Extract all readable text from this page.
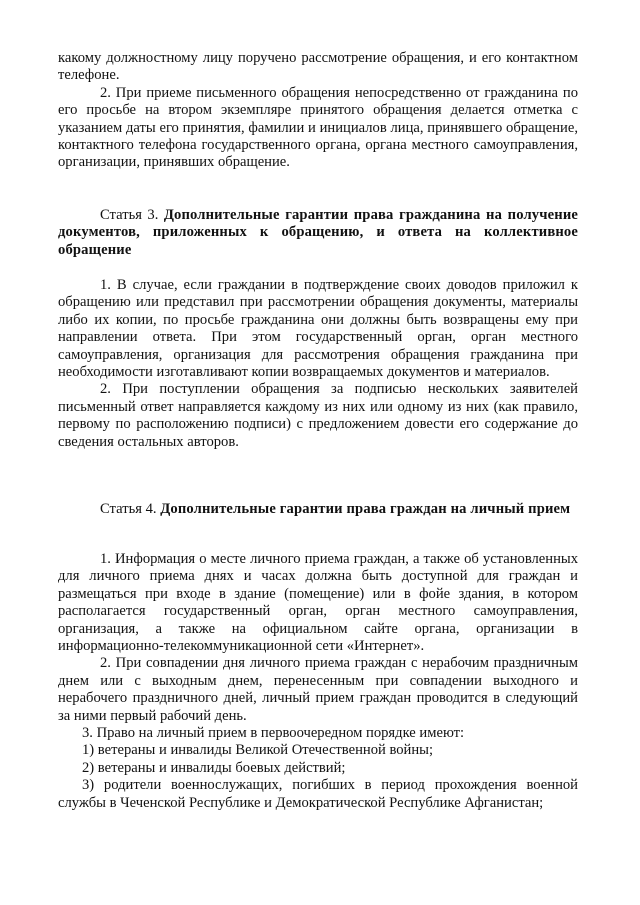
какому должностному лицу поручено рассмотрение обращения, и его контактном телефоне.

2. При приеме письменного обращения непосредственно от гражданина по его просьбе на втором экземпляре принятого обращения делается отметка с указанием даты его принятия, фамилии и инициалов лица, принявшего обращение, контактного телефона государственного органа, органа местного самоуправления, организации, принявших обращение.

Статья 3. Дополнительные гарантии права гражданина на получение документов, приложенных к обращению, и ответа на коллективное обращение

1. В случае, если граждании в подтверждение своих доводов приложил к обращению или представил при рассмотрении обращения документы, материалы либо их копии, по просьбе гражданина они должны быть возвращены ему при направлении ответа. При этом государственный орган, орган местного самоуправления, организация для рассмотрения обращения гражданина при необходимости изготавливают копии возвращаемых документов и материалов.

2. При поступлении обращения за подписью нескольких заявителей письменный ответ направляется каждому из них или одному из них (как правило, первому по расположению подписи) с предложением довести его содержание до сведения остальных авторов.

Статья 4. Дополнительные гарантии права граждан на личный прием

1. Информация о месте личного приема граждан, а также об установленных для личного приема днях и часах должна быть доступной для граждан и размещаться при входе в здание (помещение) или в фойе здания, в котором располагается государственный орган, орган местного самоуправления, организация, а также на официальном сайте органа, организации в информационно-телекоммуникационной сети «Интернет».

2. При совпадении дня личного приема граждан с нерабочим праздничным днем или с выходным днем, перенесенным при совпадении выходного и нерабочего праздничного дней, личный прием граждан проводится в следующий за ними первый рабочий день.

3. Право на личный прием в первоочередном порядке имеют:

1) ветераны и инвалиды Великой Отечественной войны;

2) ветераны и инвалиды боевых действий;

3) родители военнослужащих, погибших в период прохождения военной службы в Чеченской Республике и Демократической Республике Афганистан;
